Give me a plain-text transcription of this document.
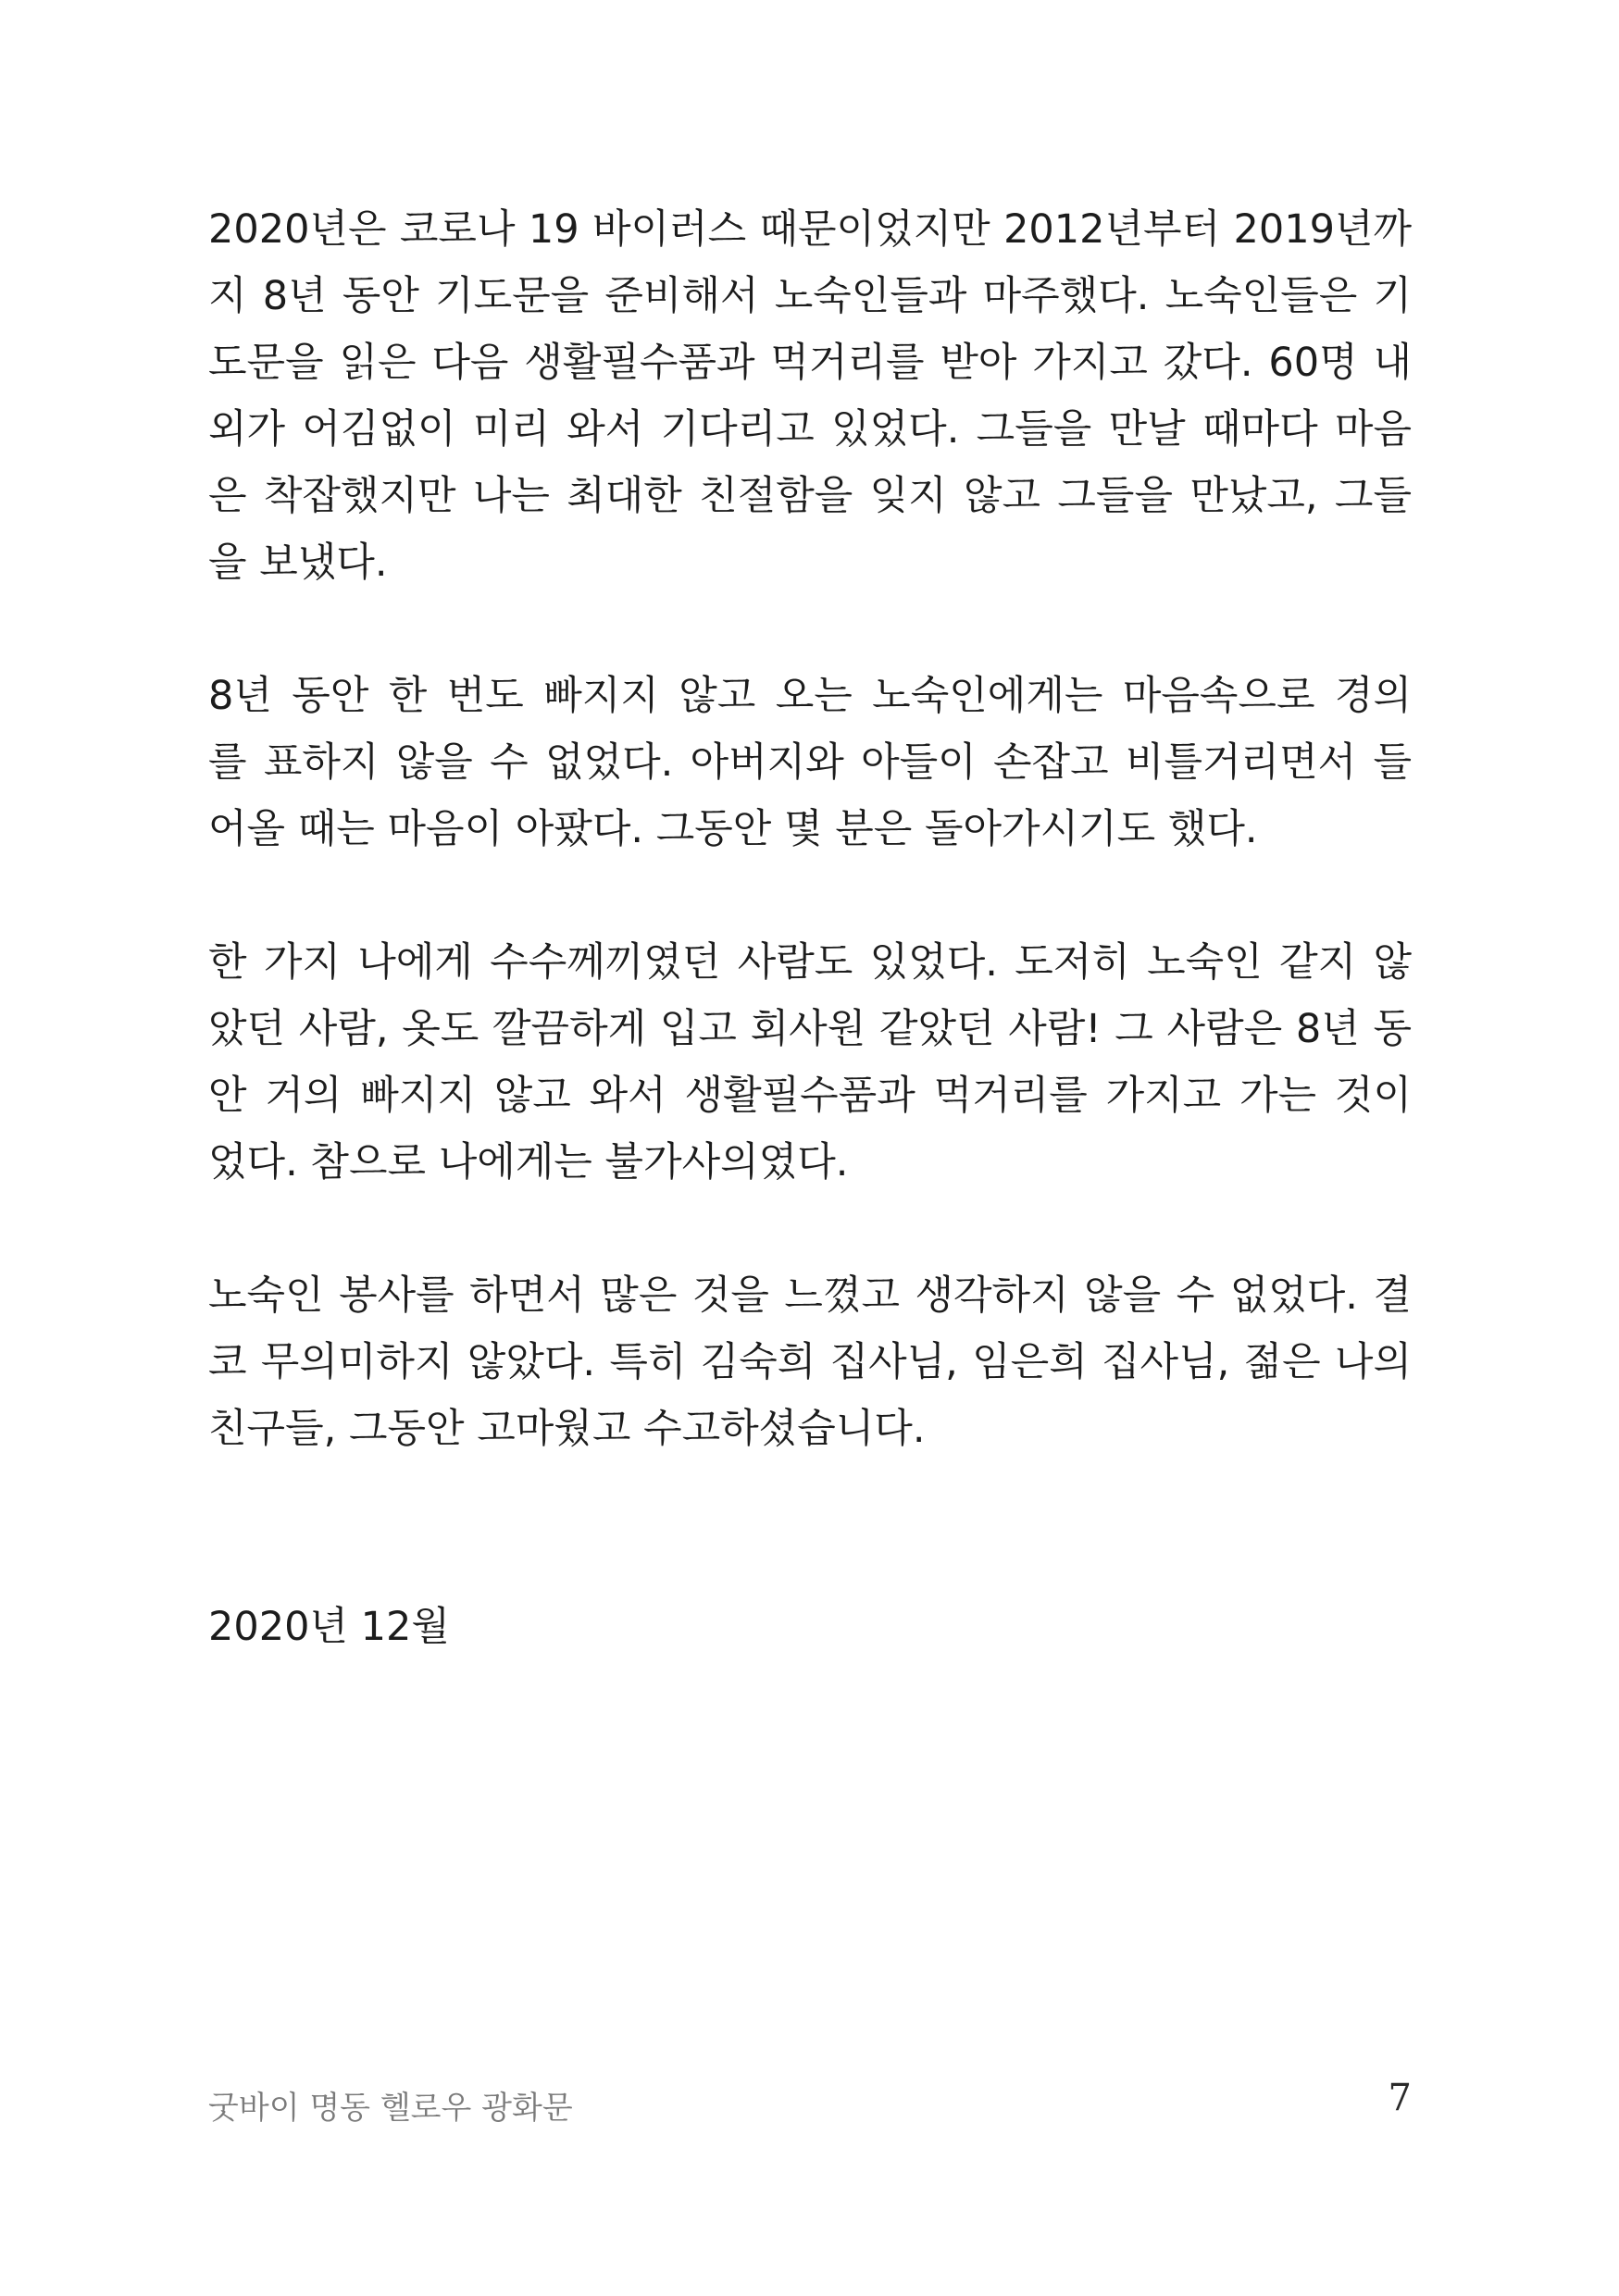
2020년은 코로나 19 바이러스 때문이었지만 2012년부터 2019년까
지 8년 동안 기도문을 준비해서 노숙인들과 마주했다. 노숙인들은 기
도문을 읽은 다음 생활필수품과 먹거리를 받아 가지고 갔다. 60명 내
외가 어김없이 미리 와서 기다리고 있었다. 그들을 만날 때마다 마음
은 착잡했지만 나는 최대한 친절함을 잊지 않고 그들을 만났고, 그들
을 보냈다.
8년 동안 한 번도 빠지지 않고 오는 노숙인에게는 마음속으로 경의
를 표하지 않을 수 없었다. 아버지와 아들이 손잡고 비틀거리면서 들
어올 때는 마음이 아팠다. 그동안 몇 분은 돌아가시기도 했다.
한 가지 나에게 수수께끼였던 사람도 있었다. 도저히 노숙인 같지 않
았던 사람, 옷도 깔끔하게 입고 회사원 같았던 사람! 그 사람은 8년 동
안 거의 빠지지 않고 와서 생활필수품과 먹거리를 가지고 가는 것이
었다. 참으로 나에게는 불가사의였다.
노숙인 봉사를 하면서 많은 것을 느꼈고 생각하지 않을 수 없었다. 결
코 무의미하지 않았다. 특히 김숙희 집사님, 임은희 집사님, 젊은 나의
친구들, 그동안 고마웠고 수고하셨습니다.
2020년 12월
굿바이 명동 헬로우 광화문	7
